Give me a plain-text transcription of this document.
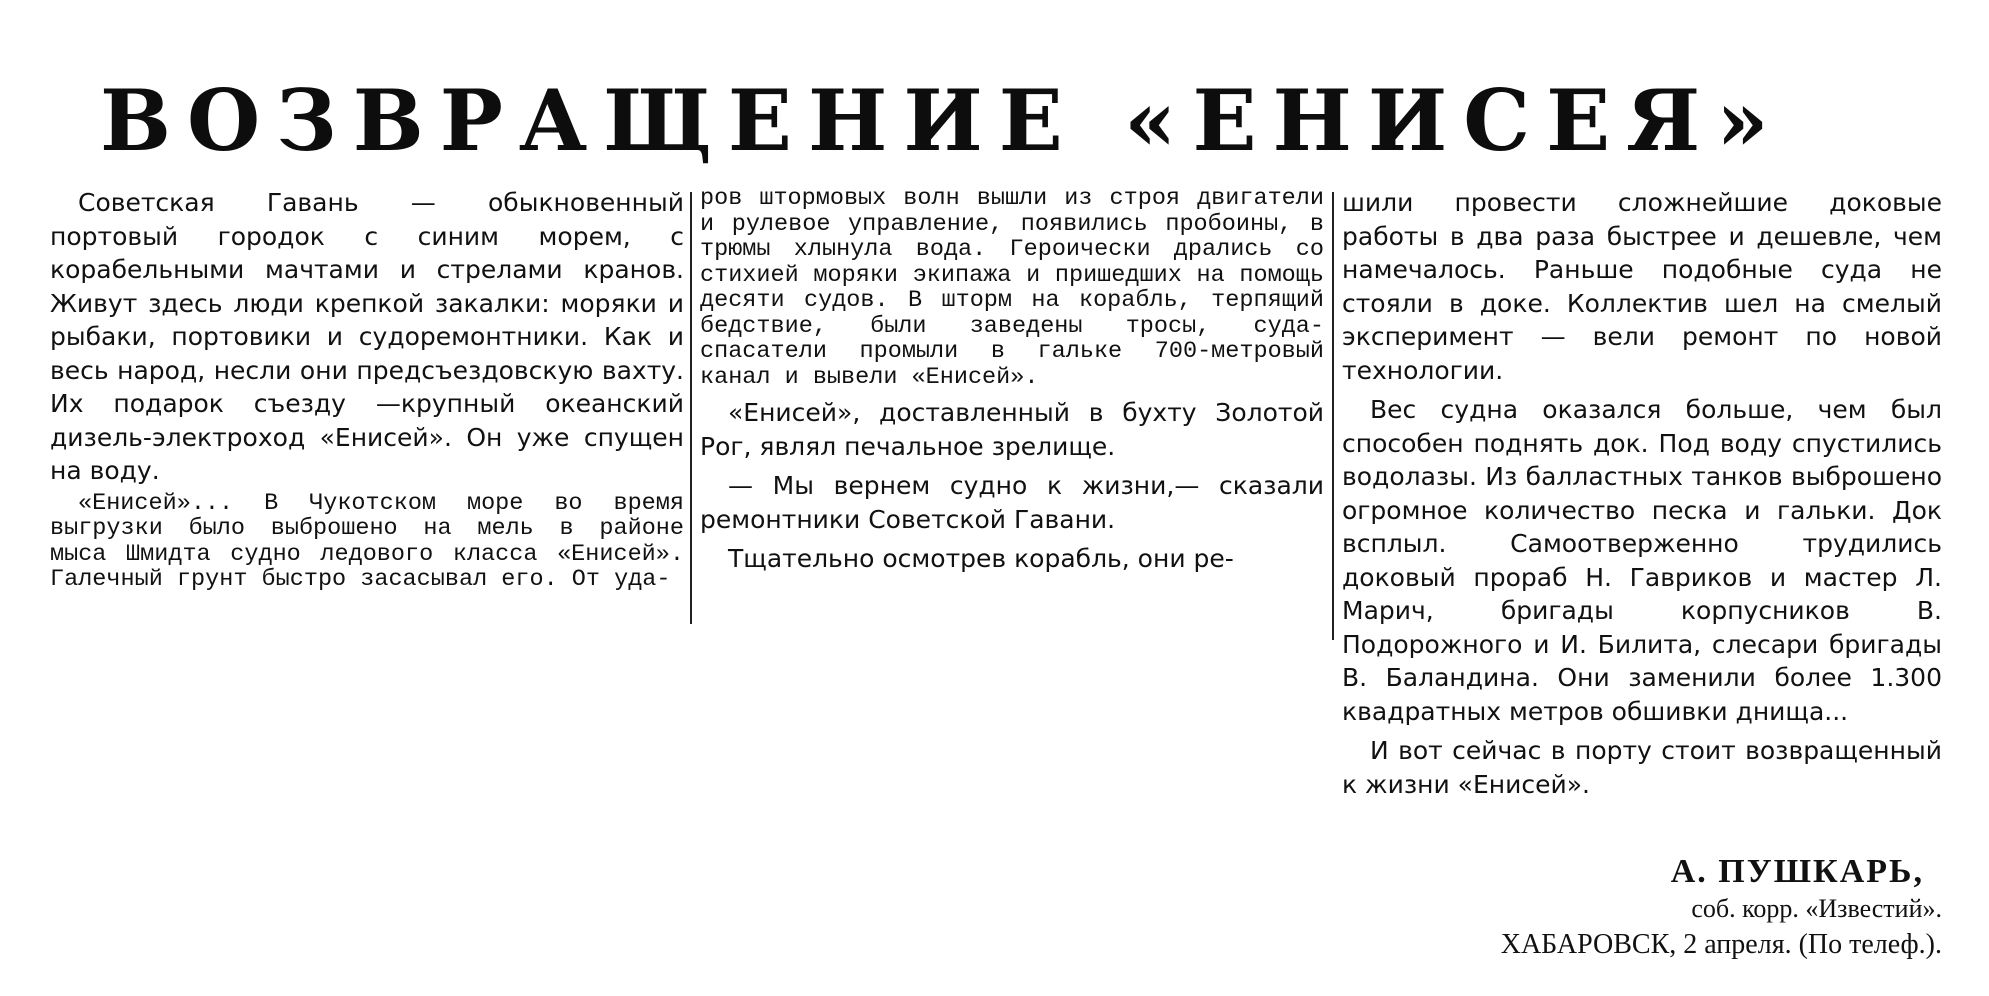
ВОЗВРАЩЕНИЕ «ЕНИСЕЯ»

Советская Гавань — обыкновенный портовый городок с синим морем, с корабельными мачтами и стрелами кранов. Живут здесь люди крепкой закалки: моряки и рыбаки, портовики и судоремонтники. Как и весь народ, несли они предсъездовскую вахту. Их подарок съезду —крупный океанский дизель-электроход «Енисей». Он уже спущен на воду.

«Енисей»... В Чукотском море во время выгрузки было выброшено на мель в районе мыса Шмидта судно ледового класса «Енисей». Галечный грунт быстро засасывал его. От уда-

ров штормовых волн вышли из строя двигатели и рулевое управление, появились пробоины, в трюмы хлынула вода. Героически дрались со стихией моряки экипажа и пришедших на помощь десяти судов. В шторм на корабль, терпящий бедствие, были заведены тросы, суда-спасатели промыли в гальке 700-метровый канал и вывели «Енисей».

«Енисей», доставленный в бухту Золотой Рог, являл печальное зрелище.

— Мы вернем судно к жизни,— сказали ремонтники Советской Гавани.

Тщательно осмотрев корабль, они ре-

шили провести сложнейшие доковые работы в два раза быстрее и дешевле, чем намечалось. Раньше подобные суда не стояли в доке. Коллектив шел на смелый эксперимент — вели ремонт по новой технологии.

Вес судна оказался больше, чем был способен поднять док. Под воду спустились водолазы. Из балластных танков выброшено огромное количество песка и гальки. Док всплыл. Самоотверженно трудились доковый прораб Н. Гавриков и мастер Л. Марич, бригады корпусников В. Подорожного и И. Билита, слесари бригады В. Баландина. Они заменили более 1.300 квадратных метров обшивки днища...

И вот сейчас в порту стоит возвращенный к жизни «Енисей».

А. ПУШКАРЬ,
соб. корр. «Известий».
ХАБАРОВСК, 2 апреля. (По телеф.).
